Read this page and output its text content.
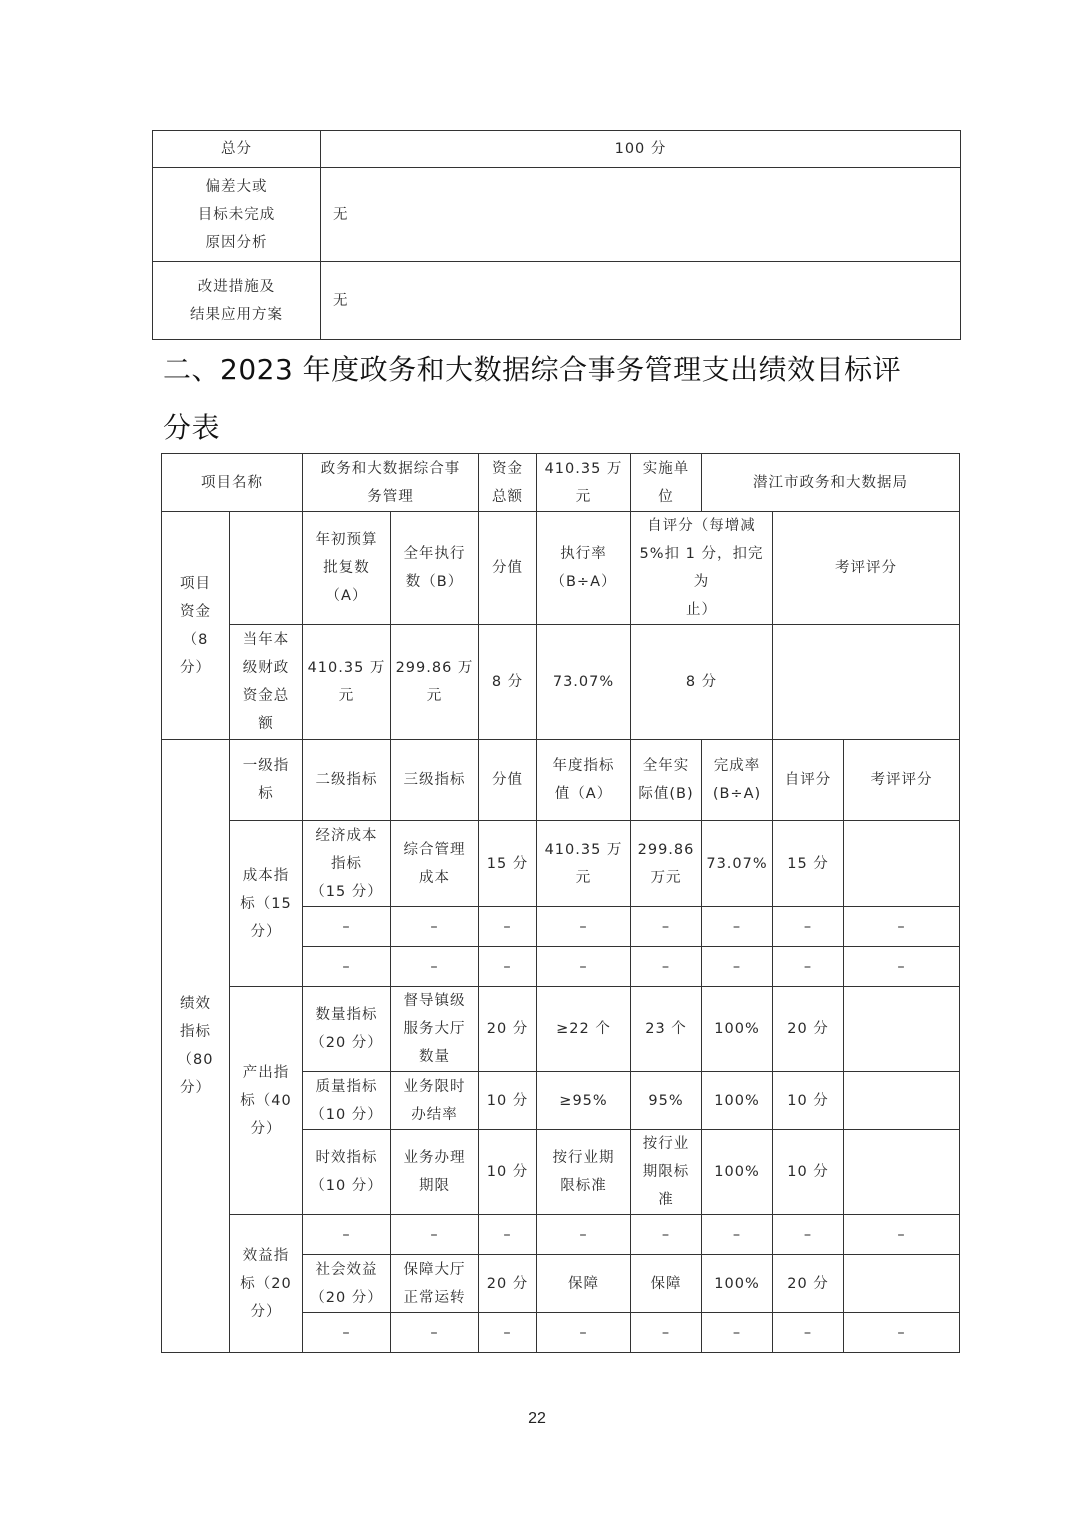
总分	100 分
偏差大或
目标未完成
原因分析	无
改进措施及
结果应用方案	无
二、2023 年度政务和大数据综合事务管理支出绩效目标评
分表
项目名称		政务和大数据综合事
务管理		资金
总额	410.35 万
元	实施单
位	潜江市政务和大数据局		
项目
资金
（8
分）		年初预算
批复数
（A）	全年执行
数（B）	分值	执行率
（B÷A）	自评分（每增减
5%扣 1 分，扣完为
止）		考评评分	
	当年本
级财政
资金总
额	410.35 万
元	299.86 万
元	8 分	73.07%	8 分			
绩效
指标
（80
分）	一级指
标	二级指标	三级指标	分值	年度指标
值（A）	全年实
际值(B)	完成率
(B÷A)	自评分	考评评分
	成本指
标（15
分）	经济成本
指标
（15 分）	综合管理
成本	15 分	410.35 万
元	299.86
万元	73.07%	15 分	
		–	–	–	–	–	–	–	–
		–	–	–	–	–	–	–	–
	产出指
标（40
分）	数量指标
（20 分）	督导镇级
服务大厅
数量	20 分	≥22 个	23 个	100%	20 分	
		质量指标
（10 分）	业务限时
办结率	10 分	≥95%	95%	100%	10 分	
		时效指标
（10 分）	业务办理
期限	10 分	按行业期
限标准	按行业
期限标
准	100%	10 分	
	效益指
标（20
分）	–	–	–	–	–	–	–	–
		社会效益
（20 分）	保障大厅
正常运转	20 分	保障	保障	100%	20 分	
		–	–	–	–	–	–	–	–
22
